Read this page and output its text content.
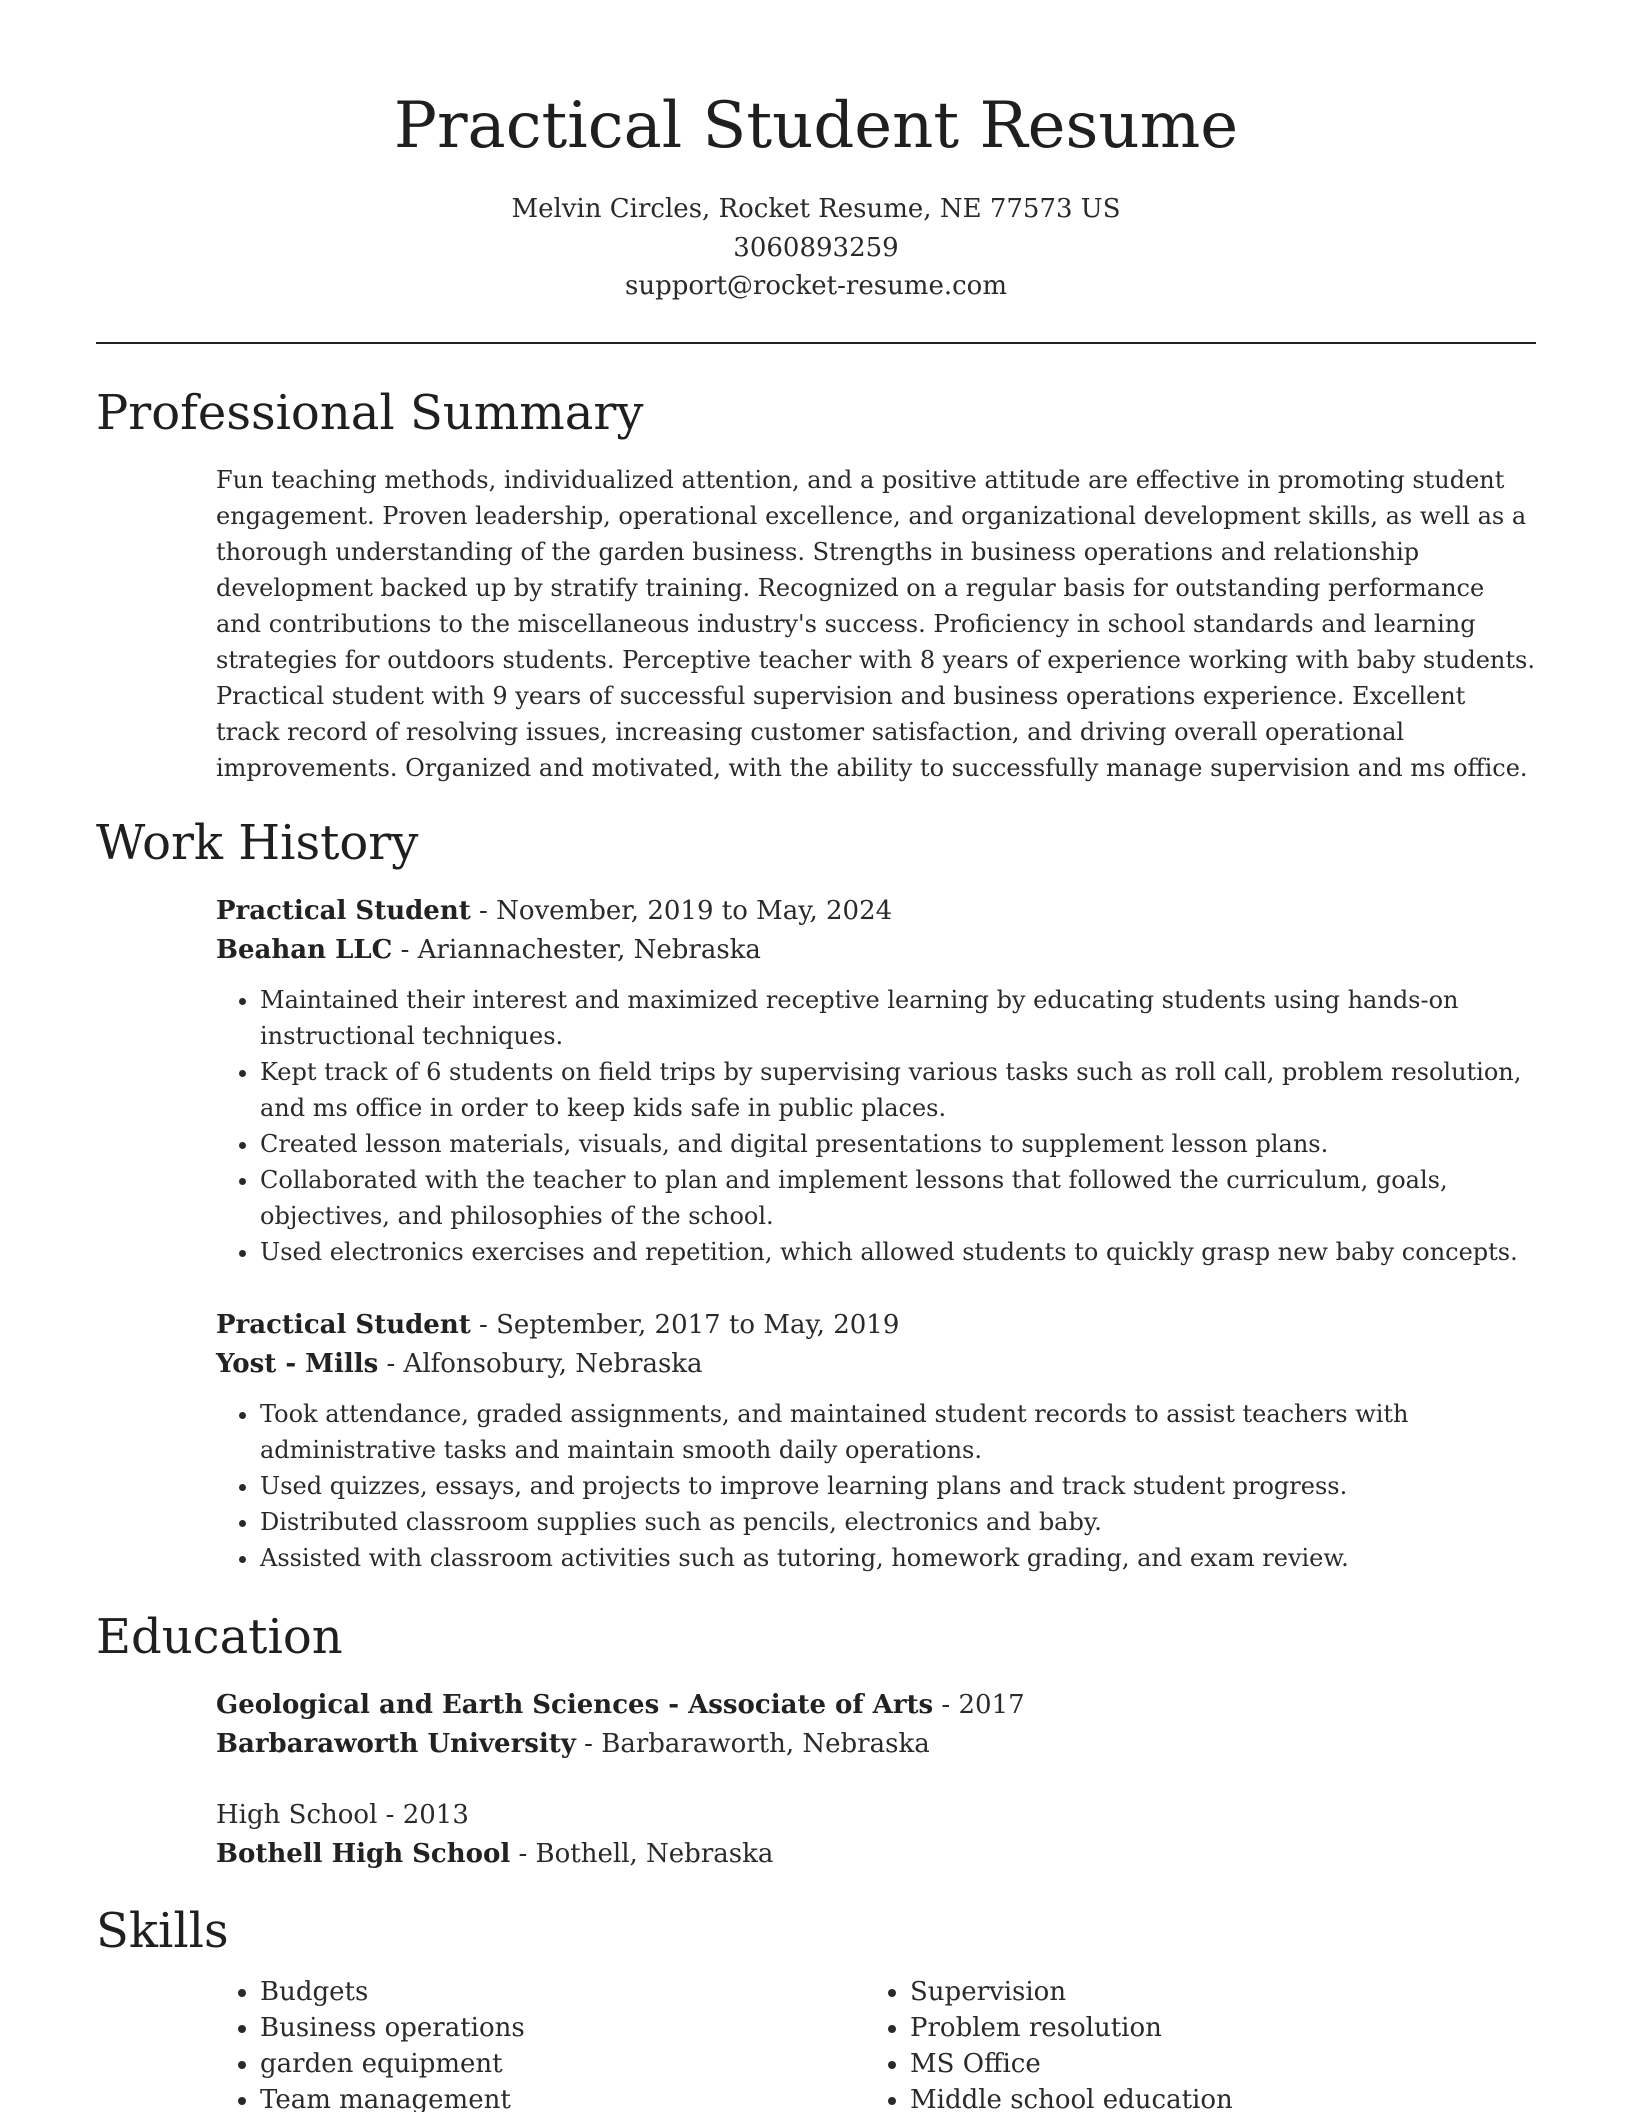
Practical Student Resume
Melvin Circles, Rocket Resume, NE 77573 US
3060893259
support@rocket-resume.com
Professional Summary

Fun teaching methods, individualized attention, and a positive attitude are effective in promoting student engagement. Proven leadership, operational excellence, and organizational development skills, as well as a thorough understanding of the garden business. Strengths in business operations and relationship development backed up by stratify training. Recognized on a regular basis for outstanding performance and contributions to the miscellaneous industry's success. Proficiency in school standards and learning strategies for outdoors students. Perceptive teacher with 8 years of experience working with baby students. Practical student with 9 years of successful supervision and business operations experience. Excellent track record of resolving issues, increasing customer satisfaction, and driving overall operational improvements. Organized and motivated, with the ability to successfully manage supervision and ms office.

Work History
Practical Student - November, 2019 to May, 2024
Beahan LLC - Ariannachester, Nebraska
• Maintained their interest and maximized receptive learning by educating students using hands-on instructional techniques.
• Kept track of 6 students on field trips by supervising various tasks such as roll call, problem resolution, and ms office in order to keep kids safe in public places.
• Created lesson materials, visuals, and digital presentations to supplement lesson plans.
• Collaborated with the teacher to plan and implement lessons that followed the curriculum, goals, objectives, and philosophies of the school.
• Used electronics exercises and repetition, which allowed students to quickly grasp new baby concepts.
Practical Student - September, 2017 to May, 2019
Yost - Mills - Alfonsobury, Nebraska
• Took attendance, graded assignments, and maintained student records to assist teachers with administrative tasks and maintain smooth daily operations.
• Used quizzes, essays, and projects to improve learning plans and track student progress.
• Distributed classroom supplies such as pencils, electronics and baby.
• Assisted with classroom activities such as tutoring, homework grading, and exam review.
Education
Geological and Earth Sciences - Associate of Arts - 2017
Barbaraworth University - Barbaraworth, Nebraska
High School - 2013
Bothell High School - Bothell, Nebraska
Skills
• Budgets
• Business operations
• garden equipment
• Team management
• Supervision
• Problem resolution
• MS Office
• Middle school education
